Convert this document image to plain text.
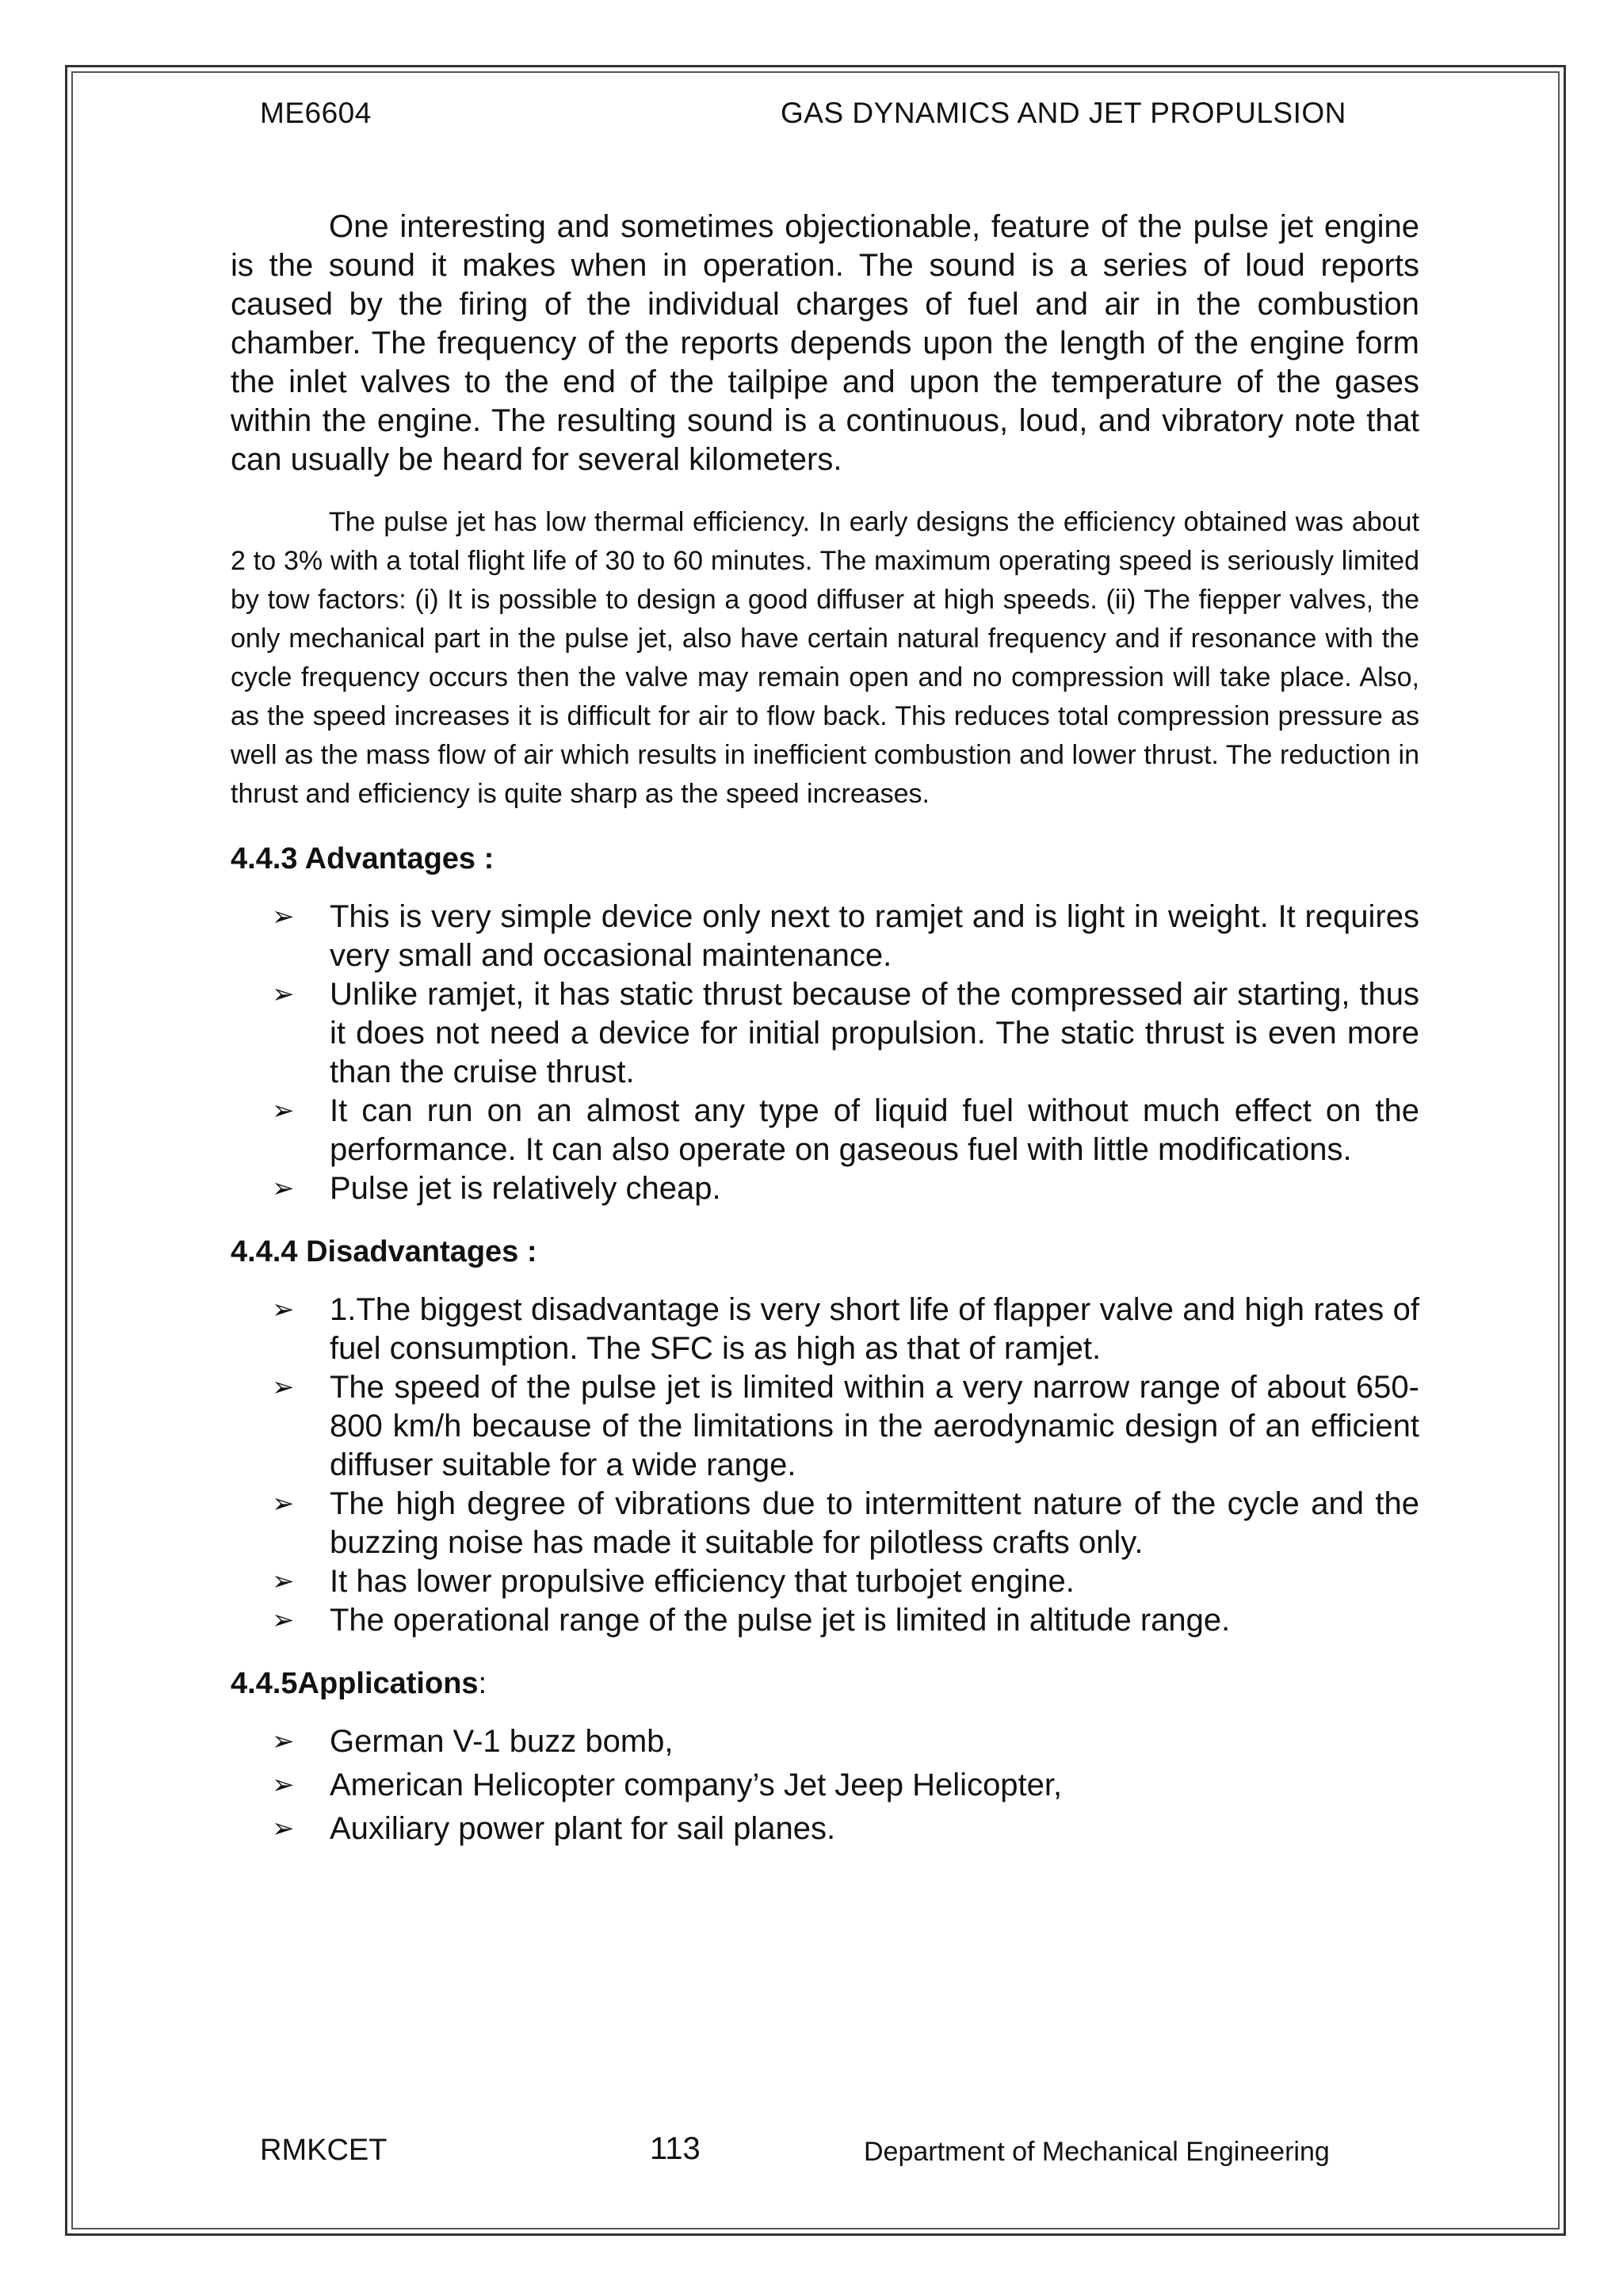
ME6604	GAS DYNAMICS AND JET PROPULSION

One interesting and sometimes objectionable, feature of the pulse jet engine is the sound it makes when in operation. The sound is a series of loud reports caused by the firing of the individual charges of fuel and air in the combustion chamber. The frequency of the reports depends upon the length of the engine form the inlet valves to the end of the tailpipe and upon the temperature of the gases within the engine. The resulting sound is a continuous, loud, and vibratory note that can usually be heard for several kilometers.

The pulse jet has low thermal efficiency. In early designs the efficiency obtained was about 2 to 3% with a total flight life of 30 to 60 minutes. The maximum operating speed is seriously limited by tow factors: (i) It is possible to design a good diffuser at high speeds. (ii) The fiepper valves, the only mechanical part in the pulse jet, also have certain natural frequency and if resonance with the cycle frequency occurs then the valve may remain open and no compression will take place. Also, as the speed increases it is difficult for air to flow back. This reduces total compression pressure as well as the mass flow of air which results in inefficient combustion and lower thrust. The reduction in thrust and efficiency is quite sharp as the speed increases.

4.4.3 Advantages :
➢ This is very simple device only next to ramjet and is light in weight. It requires very small and occasional maintenance.
➢ Unlike ramjet, it has static thrust because of the compressed air starting, thus it does not need a device for initial propulsion. The static thrust is even more than the cruise thrust.
➢ It can run on an almost any type of liquid fuel without much effect on the performance. It can also operate on gaseous fuel with little modifications.
➢ Pulse jet is relatively cheap.
4.4.4 Disadvantages :
➢ 1.The biggest disadvantage is very short life of flapper valve and high rates of fuel consumption. The SFC is as high as that of ramjet.
➢ The speed of the pulse jet is limited within a very narrow range of about 650-800 km/h because of the limitations in the aerodynamic design of an efficient diffuser suitable for a wide range.
➢ The high degree of vibrations due to intermittent nature of the cycle and the buzzing noise has made it suitable for pilotless crafts only.
➢ It has lower propulsive efficiency that turbojet engine.
➢ The operational range of the pulse jet is limited in altitude range.
4.4.5Applications:
➢ German V-1 buzz bomb,
➢ American Helicopter company’s Jet Jeep Helicopter,
➢ Auxiliary power plant for sail planes.
RMKCET	113	Department of Mechanical Engineering
